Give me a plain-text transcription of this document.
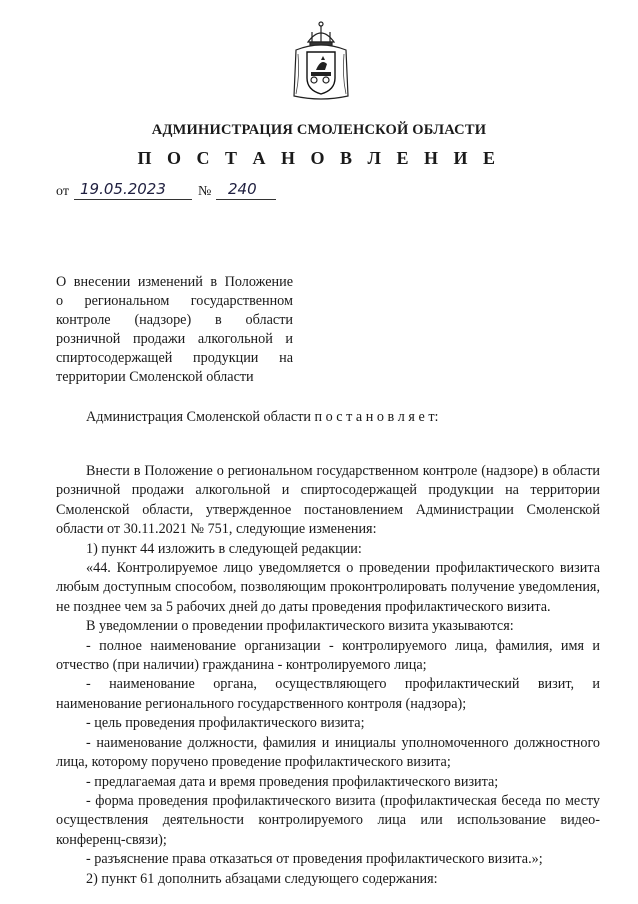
АДМИНИСТРАЦИЯ СМОЛЕНСКОЙ ОБЛАСТИ
П О С Т А Н О В Л Е Н И Е
от 19.05.2023 № 240
О внесении изменений в Положение
о региональном государственном
контроле (надзоре) в области
розничной продажи алкогольной и
спиртосодержащей продукции на
территории Смоленской области
Администрация Смоленской области п о с т а н о в л я е т:

Внести в Положение о региональном государственном контроле (надзоре) в области розничной продажи алкогольной и спиртосодержащей продукции на территории Смоленской области, утвержденное постановлением Администрации Смоленской области от 30.11.2021 № 751, следующие изменения:

1) пункт 44 изложить в следующей редакции:

«44. Контролируемое лицо уведомляется о проведении профилактического визита любым доступным способом, позволяющим проконтролировать получение уведомления, не позднее чем за 5 рабочих дней до даты проведения профилактического визита.

В уведомлении о проведении профилактического визита указываются:

- полное наименование организации - контролируемого лица, фамилия, имя и отчество (при наличии) гражданина - контролируемого лица;

- наименование органа, осуществляющего профилактический визит, и наименование регионального государственного контроля (надзора);

- цель проведения профилактического визита;

- наименование должности, фамилия и инициалы уполномоченного должностного лица, которому поручено проведение профилактического визита;

- предлагаемая дата и время проведения профилактического визита;

- форма проведения профилактического визита (профилактическая беседа по месту осуществления деятельности контролируемого лица или использование видео-конференц-связи);

- разъяснение права отказаться от проведения профилактического визита.»;

2) пункт 61 дополнить абзацами следующего содержания:
